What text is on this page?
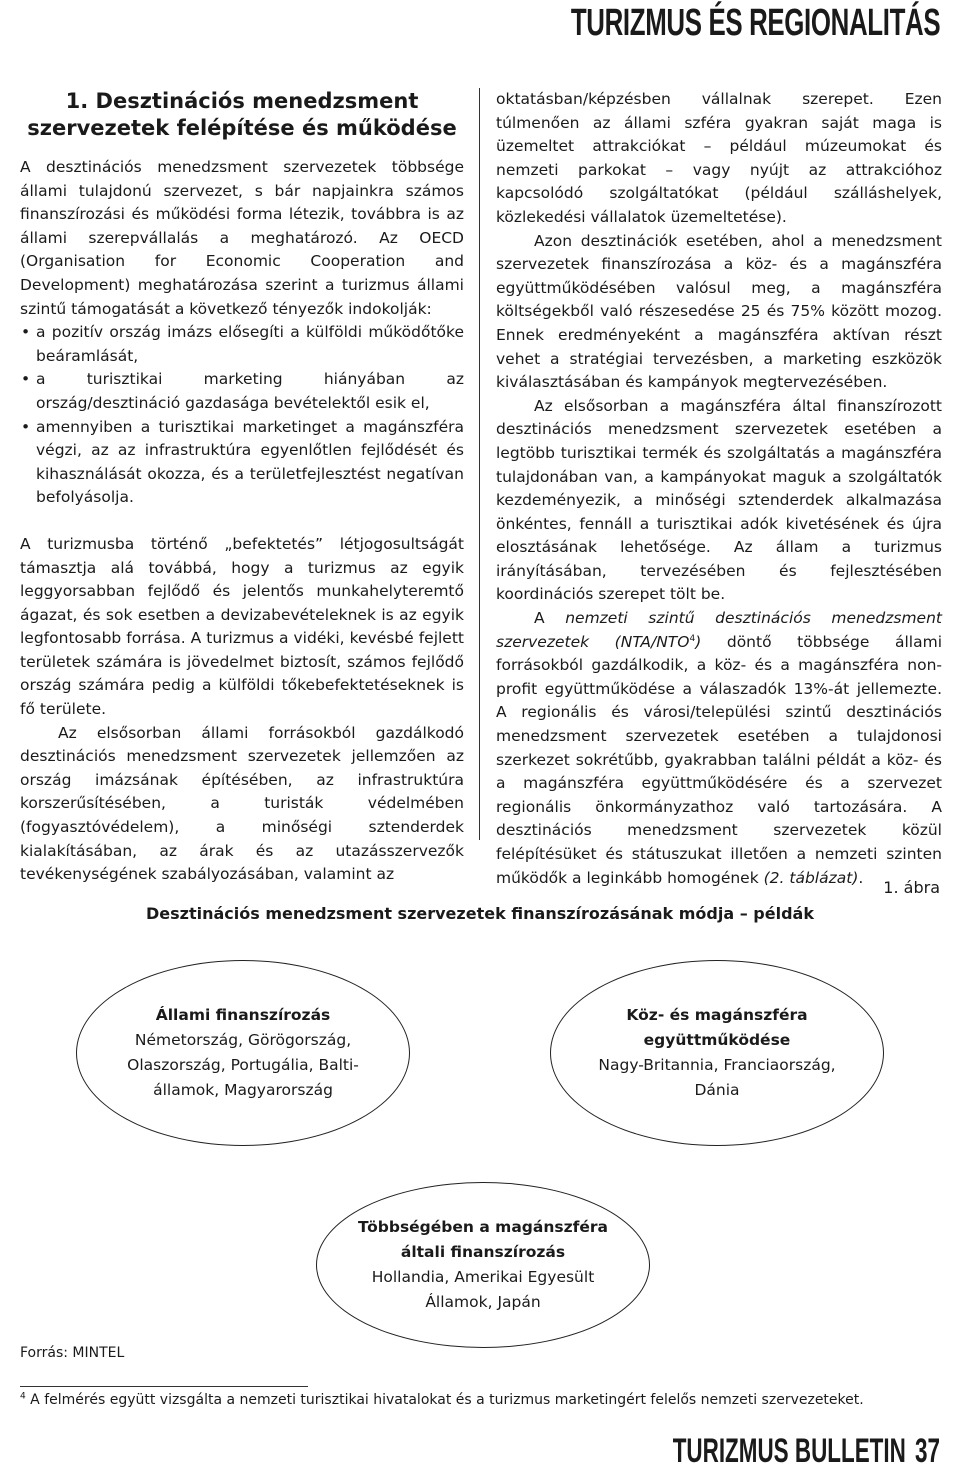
TURIZMUS ÉS REGIONALITÁS
1. Desztinációs menedzsment
szervezetek felépítése és működése

A desztinációs menedzsment szervezetek többsége állami tulajdonú szervezet, s bár napjainkra számos finanszírozási és működési forma létezik, továbbra is az állami szerepvállalás a meghatározó. Az OECD (Organisation for Economic Cooperation and Development) meghatározása szerint a turizmus állami szintű támogatását a következő tényezők indokolják:

• a pozitív ország imázs elősegíti a külföldi működőtőke beáramlását,
• a turisztikai marketing hiányában az ország/desztináció gazdasága bevételektől esik el,
• amennyiben a turisztikai marketinget a magánszféra végzi, az az infrastruktúra egyenlőtlen fejlődését és kihasználását okozza, és a területfejlesztést negatívan befolyásolja.

A turizmusba történő „befektetés” létjogosultságát támasztja alá továbbá, hogy a turizmus az egyik leggyorsabban fejlődő és jelentős munkahelyteremtő ágazat, és sok esetben a devizabevételeknek is az egyik legfontosabb forrása. A turizmus a vidéki, kevésbé fejlett területek számára is jövedelmet biztosít, számos fejlődő ország számára pedig a külföldi tőkebefektetéseknek is fő területe.

Az elsősorban állami forrásokból gazdálkodó desztinációs menedzsment szervezetek jellemzően az ország imázsának építésében, az infrastruktúra korszerűsítésében, a turisták védelmében (fogyasztóvédelem), a minőségi sztenderdek kialakításában, az árak és az utazásszervezők tevékenységének szabályozásában, valamint az

oktatásban/képzésben vállalnak szerepet. Ezen túlmenően az állami szféra gyakran saját maga is üzemeltet attrakciókat – például múzeumokat és nemzeti parkokat – vagy nyújt az attrakcióhoz kapcsolódó szolgáltatókat (például szálláshelyek, közlekedési vállalatok üzemeltetése).

Azon desztinációk esetében, ahol a menedzsment szervezetek finanszírozása a köz- és a magánszféra együttműködésében valósul meg, a magánszféra költségekből való részesedése 25 és 75% között mozog. Ennek eredményeként a magánszféra aktívan részt vehet a stratégiai tervezésben, a marketing eszközök kiválasztásában és kampányok megtervezésében.

Az elsősorban a magánszféra által finanszírozott desztinációs menedzsment szervezetek esetében a legtöbb turisztikai termék és szolgáltatás a magánszféra tulajdonában van, a kampányokat maguk a szolgáltatók kezdeményezik, a minőségi sztenderdek alkalmazása önkéntes, fennáll a turisztikai adók kivetésének és újra elosztásának lehetősége. Az állam a turizmus irányításában, tervezésében és fejlesztésében koordinációs szerepet tölt be.

A nemzeti szintű desztinációs menedzsment szervezetek (NTA/NTO$^4$) döntő többsége állami forrásokból gazdálkodik, a köz- és a magánszféra non-profit együttműködése a válaszadók 13%-át jellemezte. A regionális és városi/települési szintű desztinációs menedzsment szervezetek esetében a tulajdonosi szerkezet sokrétűbb, gyakrabban találni példát a köz- és a magánszféra együttműködésére és a szervezet regionális önkormányzathoz való tartozására. A desztinációs menedzsment szervezetek közül felépítésüket és státuszukat illetően a nemzeti szinten működők a leginkább homogének (2. táblázat).

1. ábra
Desztinációs menedzsment szervezetek finanszírozásának módja – példák
Állami finanszírozás
Németország, Görögország, Olaszország, Portugália, Balti-államok, Magyarország
Köz- és magánszféra együttműködése
Nagy-Britannia, Franciaország, Dánia
Többségében a magánszféra általi finanszírozás
Hollandia, Amerikai Egyesült Államok, Japán
Forrás: MINTEL
$^4$ A felmérés együtt vizsgálta a nemzeti turisztikai hivatalokat és a turizmus marketingért felelős nemzeti szervezeteket.
TURIZMUS BULLETIN 37
